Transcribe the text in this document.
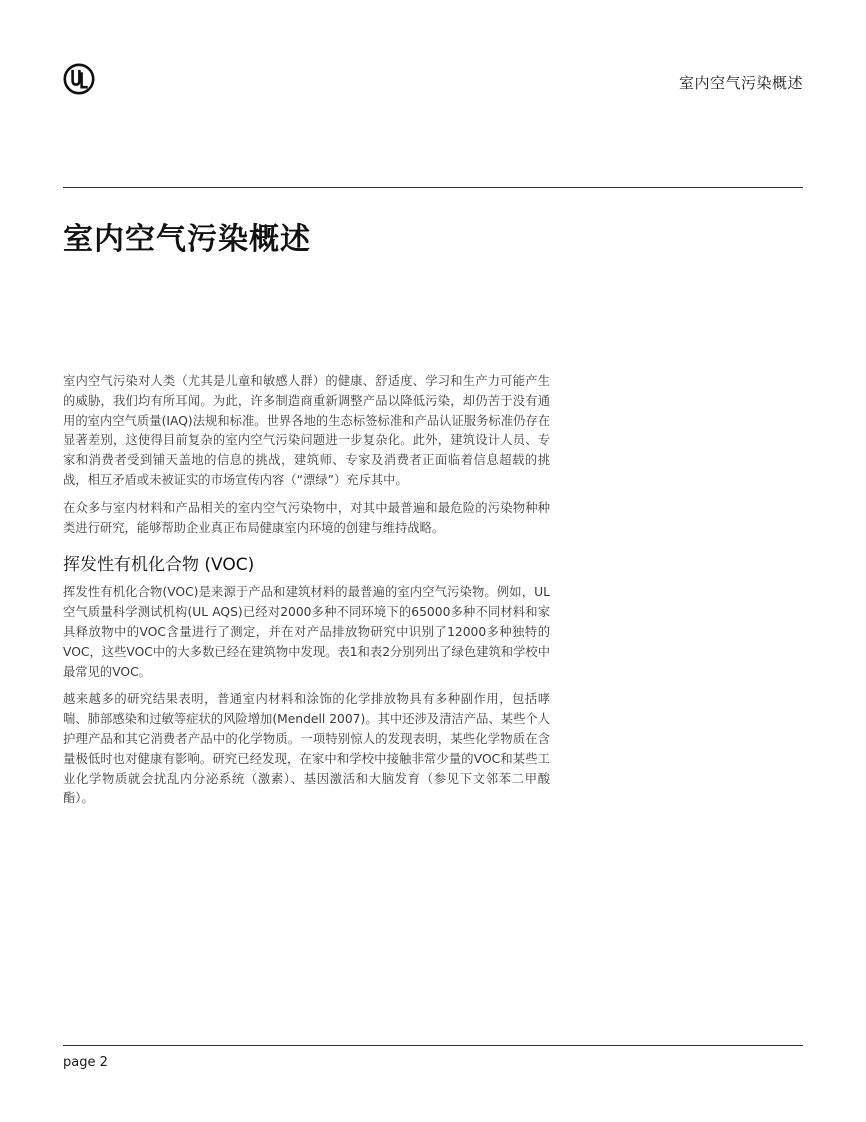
室内空气污染概述
室内空气污染概述

室内空气污染对人类（尤其是儿童和敏感人群）的健康、舒适度、学习和生产力可能产生的威胁，我们均有所耳闻。为此，许多制造商重新调整产品以降低污染，却仍苦于没有通用的室内空气质量(IAQ)法规和标准。世界各地的生态标签标准和产品认证服务标准仍存在显著差别，这使得目前复杂的室内空气污染问题进一步复杂化。此外，建筑设计人员、专家和消费者受到铺天盖地的信息的挑战，建筑师、专家及消费者正面临着信息超载的挑战，相互矛盾或未被证实的市场宣传内容（“漂绿”）充斥其中。

在众多与室内材料和产品相关的室内空气污染物中，对其中最普遍和最危险的污染物种种类进行研究，能够帮助企业真正布局健康室内环境的创建与维持战略。

挥发性有机化合物 (VOC)

挥发性有机化合物(VOC)是来源于产品和建筑材料的最普遍的室内空气污染物。例如，UL 空气质量科学测试机构(UL AQS)已经对2000多种不同环境下的65000多种不同材料和家具释放物中的VOC含量进行了测定，并在对产品排放物研究中识别了12000多种独特的VOC，这些VOC中的大多数已经在建筑物中发现。表1和表2分别列出了绿色建筑和学校中最常见的VOC。

越来越多的研究结果表明，普通室内材料和涂饰的化学排放物具有多种副作用，包括哮喘、肺部感染和过敏等症状的风险增加(Mendell 2007)。其中还涉及清洁产品、某些个人护理产品和其它消费者产品中的化学物质。一项特别惊人的发现表明，某些化学物质在含量极低时也对健康有影响。研究已经发现，在家中和学校中接触非常少量的VOC和某些工业化学物质就会扰乱内分泌系统（激素）、基因激活和大脑发育（参见下文邻苯二甲酸酯）。

page 2
